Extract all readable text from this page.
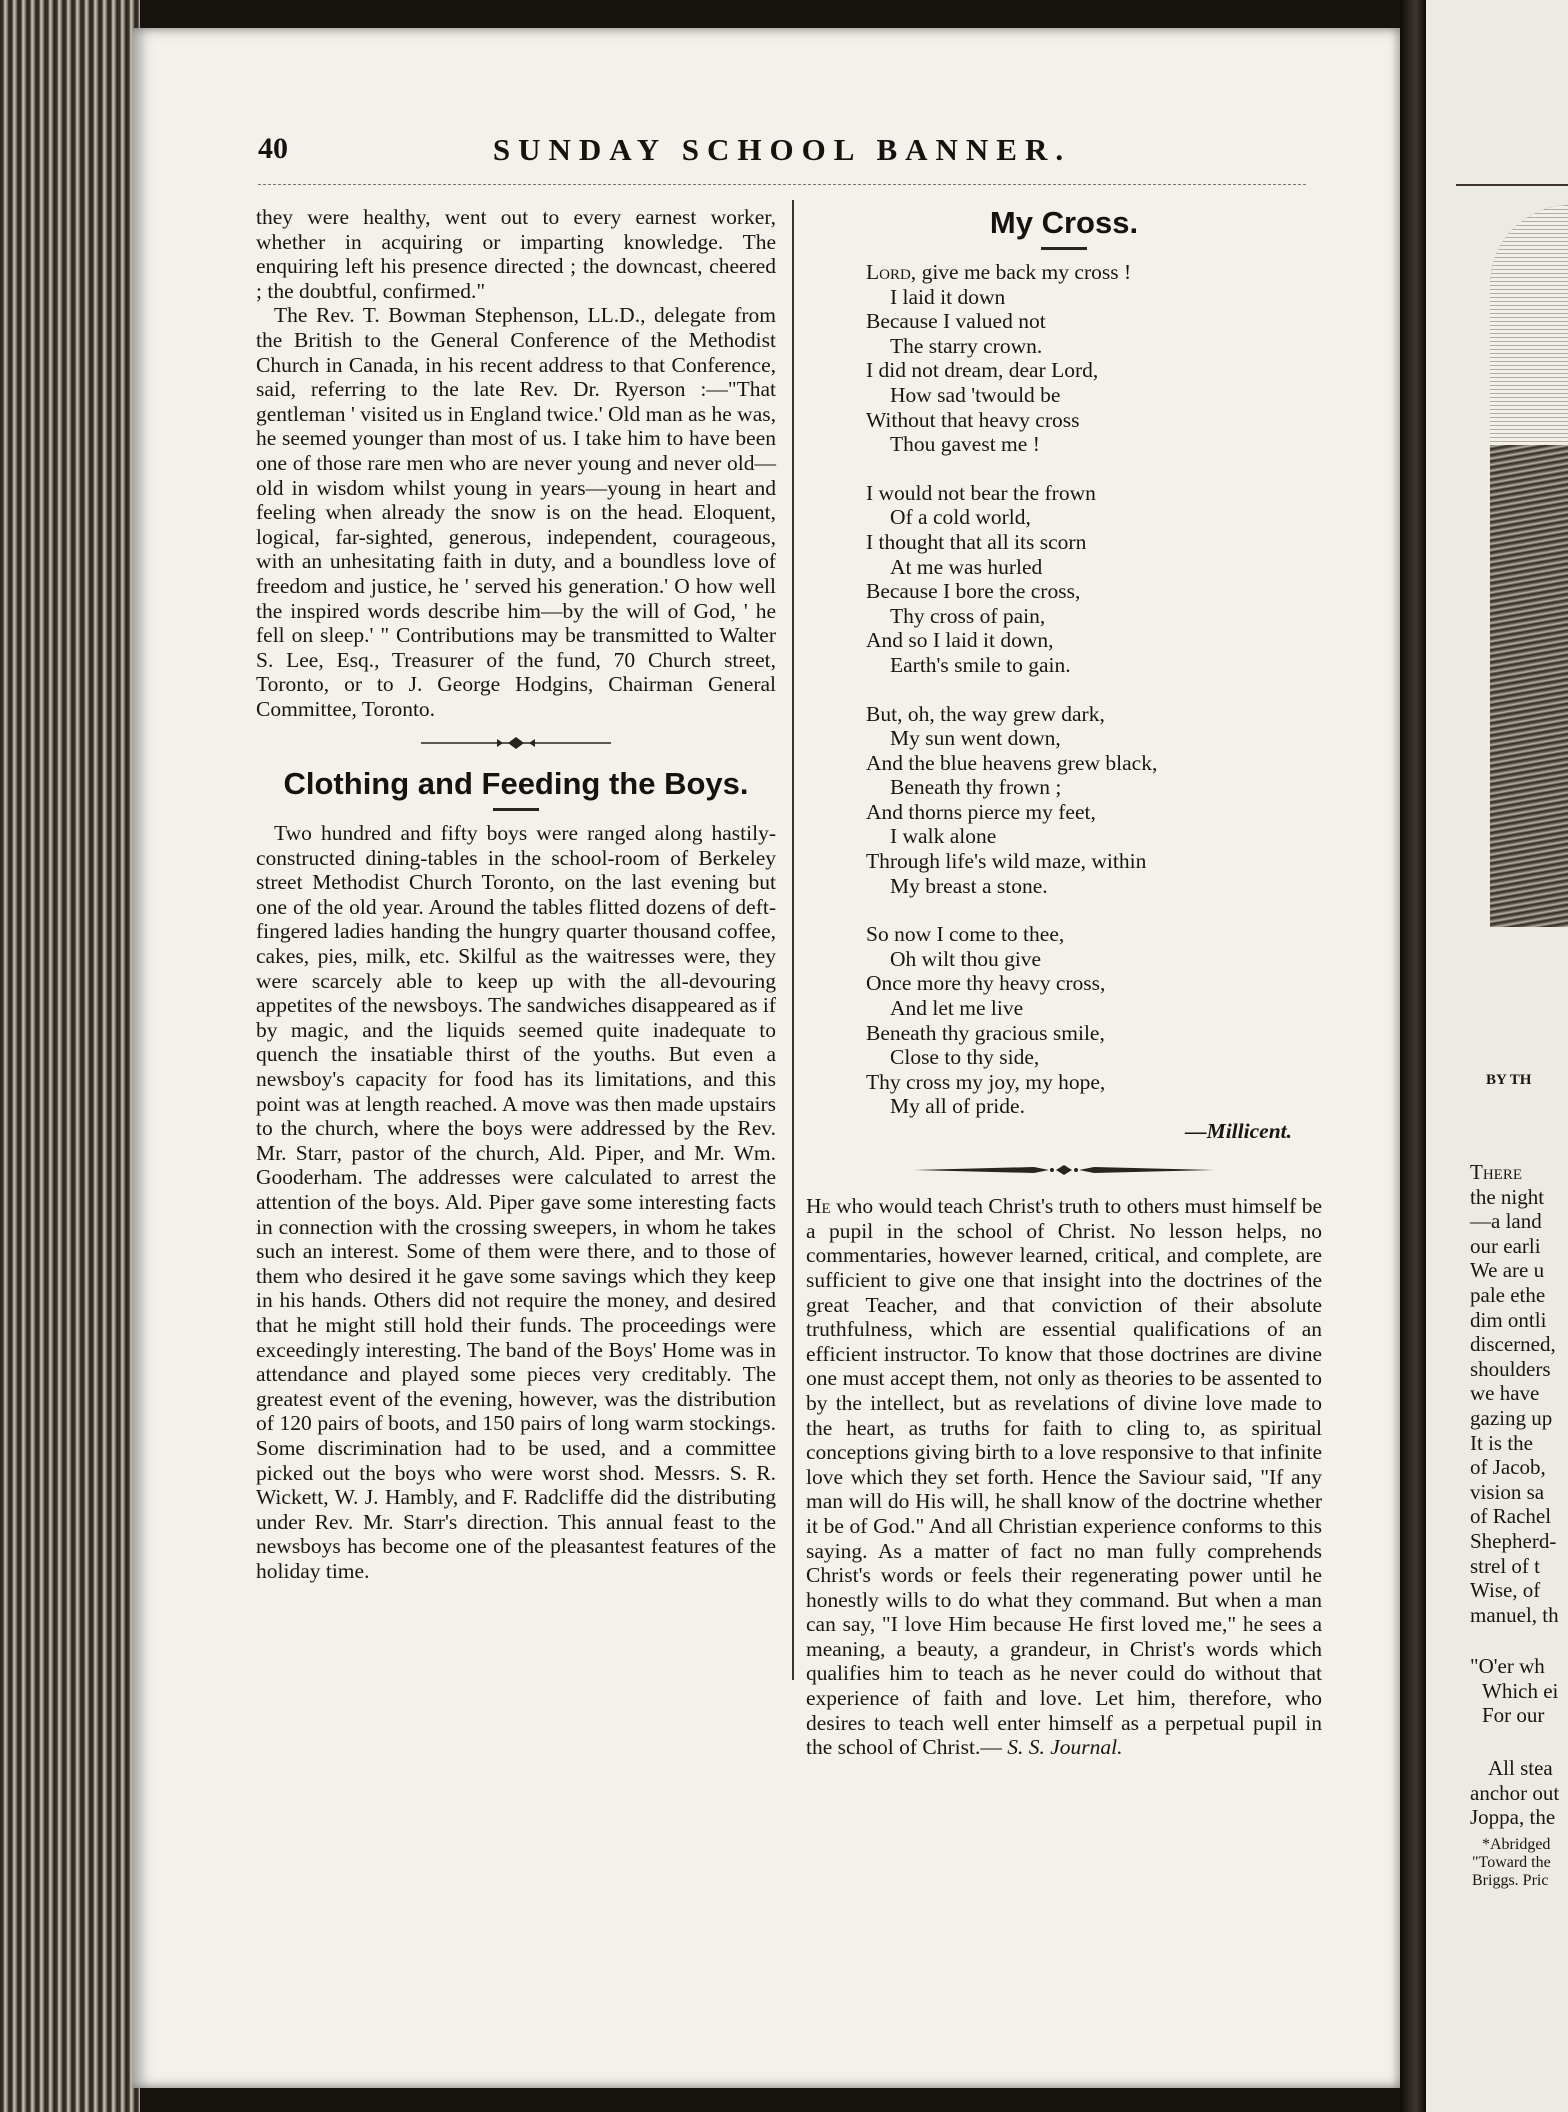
40	SUNDAY SCHOOL BANNER.

they were healthy, went out to every earnest worker, whether in acquiring or imparting knowledge. The enquiring left his presence directed ; the downcast, cheered ; the doubtful, confirmed."

The Rev. T. Bowman Stephenson, LL.D., delegate from the British to the General Conference of the Methodist Church in Canada, in his recent address to that Conference, said, referring to the late Rev. Dr. Ryerson :—"That gentleman ' visited us in England twice.' Old man as he was, he seemed younger than most of us. I take him to have been one of those rare men who are never young and never old—old in wisdom whilst young in years—young in heart and feeling when already the snow is on the head. Eloquent, logical, far-sighted, generous, independent, courageous, with an unhesitating faith in duty, and a boundless love of freedom and justice, he ' served his generation.' O how well the inspired words describe him—by the will of God, ' he fell on sleep.' " Contributions may be transmitted to Walter S. Lee, Esq., Treasurer of the fund, 70 Church street, Toronto, or to J. George Hodgins, Chairman General Committee, Toronto.

Clothing and Feeding the Boys.

Two hundred and fifty boys were ranged along hastily-constructed dining-tables in the school-room of Berkeley street Methodist Church Toronto, on the last evening but one of the old year. Around the tables flitted dozens of deft-fingered ladies handing the hungry quarter thousand coffee, cakes, pies, milk, etc. Skilful as the waitresses were, they were scarcely able to keep up with the all-devouring appetites of the newsboys. The sandwiches disappeared as if by magic, and the liquids seemed quite inadequate to quench the insatiable thirst of the youths. But even a newsboy's capacity for food has its limitations, and this point was at length reached. A move was then made upstairs to the church, where the boys were addressed by the Rev. Mr. Starr, pastor of the church, Ald. Piper, and Mr. Wm. Gooderham. The addresses were calculated to arrest the attention of the boys. Ald. Piper gave some interesting facts in connection with the crossing sweepers, in whom he takes such an interest. Some of them were there, and to those of them who desired it he gave some savings which they keep in his hands. Others did not require the money, and desired that he might still hold their funds. The proceedings were exceedingly interesting. The band of the Boys' Home was in attendance and played some pieces very creditably. The greatest event of the evening, however, was the distribution of 120 pairs of boots, and 150 pairs of long warm stockings. Some discrimination had to be used, and a committee picked out the boys who were worst shod. Messrs. S. R. Wickett, W. J. Hambly, and F. Radcliffe did the distributing under Rev. Mr. Starr's direction. This annual feast to the newsboys has become one of the pleasantest features of the holiday time.

My Cross.
Lord, give me back my cross !
I laid it down
Because I valued not
The starry crown.
I did not dream, dear Lord,
How sad 'twould be
Without that heavy cross
Thou gavest me !
I would not bear the frown
Of a cold world,
I thought that all its scorn
At me was hurled
Because I bore the cross,
Thy cross of pain,
And so I laid it down,
Earth's smile to gain.
But, oh, the way grew dark,
My sun went down,
And the blue heavens grew black,
Beneath thy frown ;
And thorns pierce my feet,
I walk alone
Through life's wild maze, within
My breast a stone.
So now I come to thee,
Oh wilt thou give
Once more thy heavy cross,
And let me live
Beneath thy gracious smile,
Close to thy side,
Thy cross my joy, my hope,
My all of pride.
—Millicent.

He who would teach Christ's truth to others must himself be a pupil in the school of Christ. No lesson helps, no commentaries, however learned, critical, and complete, are sufficient to give one that insight into the doctrines of the great Teacher, and that conviction of their absolute truthfulness, which are essential qualifications of an efficient instructor. To know that those doctrines are divine one must accept them, not only as theories to be assented to by the intellect, but as revelations of divine love made to the heart, as truths for faith to cling to, as spiritual conceptions giving birth to a love responsive to that infinite love which they set forth. Hence the Saviour said, "If any man will do His will, he shall know of the doctrine whether it be of God." And all Christian experience conforms to this saying. As a matter of fact no man fully comprehends Christ's words or feels their regenerating power until he honestly wills to do what they command. But when a man can say, "I love Him because He first loved me," he sees a meaning, a beauty, a grandeur, in Christ's words which qualifies him to teach as he never could do without that experience of faith and love. Let him, therefore, who desires to teach well enter himself as a perpetual pupil in the school of Christ.— S. S. Journal.

BY TH
There
the night
—a land
our earli
We are u
pale ethe
dim ontli
discerned,
shoulders
we have
gazing up
It is the
of Jacob,
vision sa
of Rachel
Shepherd-
strel of t
Wise, of
manuel, th
"O'er wh
Which ei
For our
All stea
anchor out
Joppa, the
*Abridged
"Toward the
Briggs. Pric
